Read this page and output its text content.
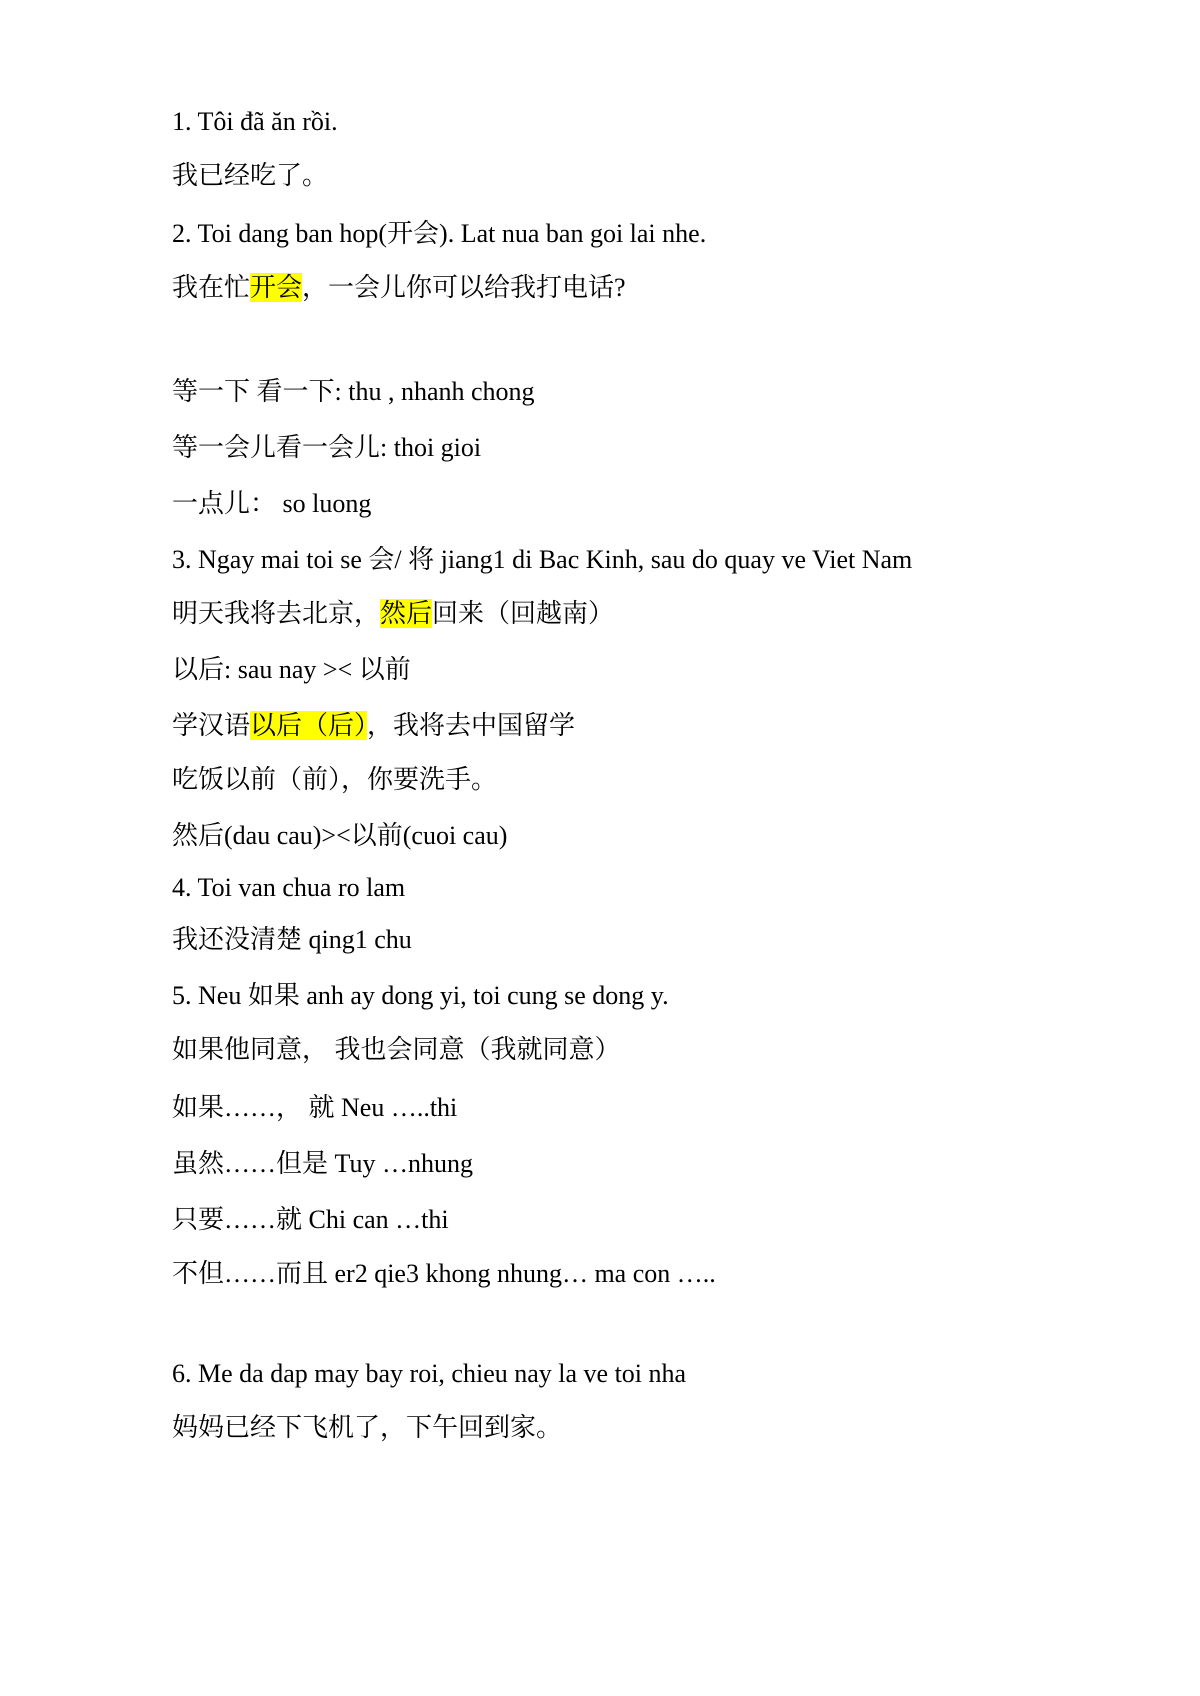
1. Tôi đã ăn rồi.
我已经吃了。
2. Toi dang ban hop(开会). Lat nua ban goi lai nhe.
我在忙开会，一会儿你可以给我打电话?
等一下 看一下: thu , nhanh chong
等一会儿看一会儿: thoi gioi
一点儿： so luong
3. Ngay mai toi se 会/ 将 jiang1 di Bac Kinh, sau do quay ve Viet Nam
明天我将去北京，然后回来（回越南）
以后: sau nay >< 以前
学汉语以后（后），我将去中国留学
吃饭以前（前），你要洗手。
然后(dau cau)><以前(cuoi cau)
4. Toi van chua ro lam
我还没清楚 qing1 chu
5. Neu 如果 anh ay dong yi, toi cung se dong y.
如果他同意， 我也会同意（我就同意）
如果……， 就 Neu …..thi
虽然……但是 Tuy …nhung
只要……就 Chi can …thi
不但……而且 er2 qie3 khong nhung… ma con …..
6. Me da dap may bay roi, chieu nay la ve toi nha
妈妈已经下飞机了，下午回到家。
